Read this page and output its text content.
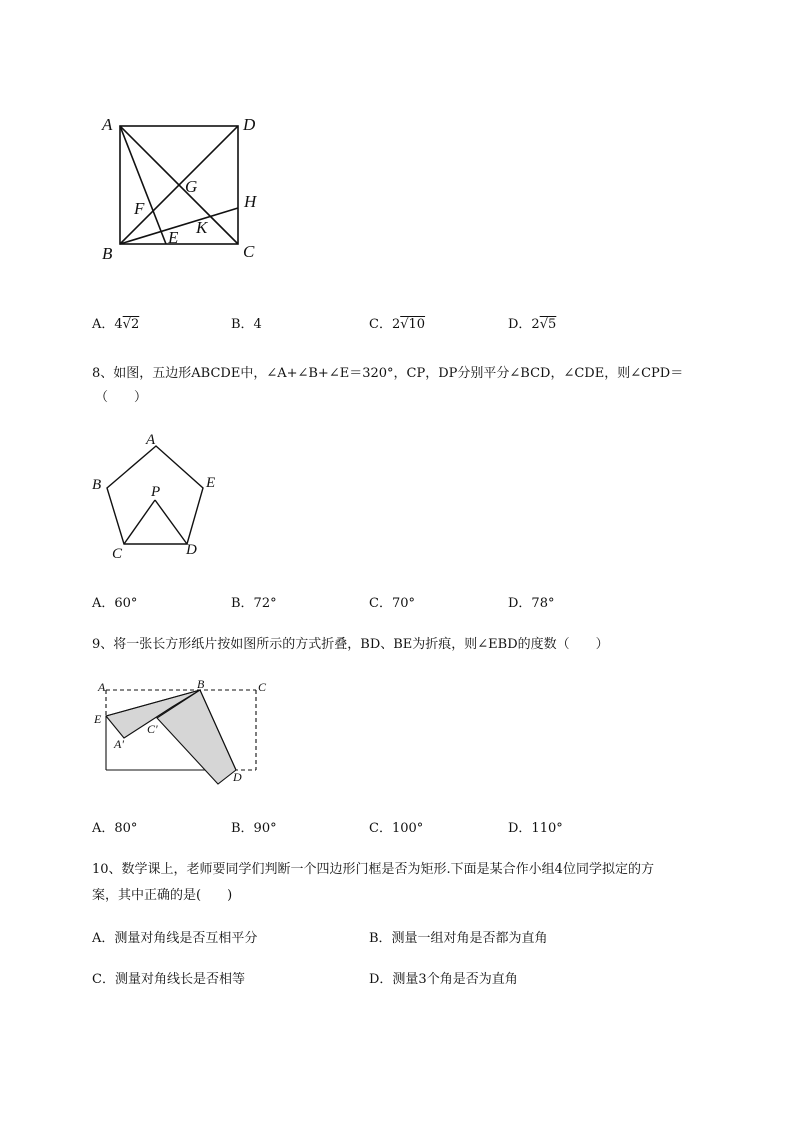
A	D
B	C
H
G
F
E
K
A．4√2	B．4	C．2√10	D．2√5
8、如图，五边形ABCDE中，∠A+∠B+∠E＝320°，CP，DP分别平分∠BCD，∠CDE，则∠CPD＝
（　　）
A
B	E
P
C	D
A．60°	B．72°	C．70°	D．78°
9、将一张长方形纸片按如图所示的方式折叠，BD、BE为折痕，则∠EBD的度数（　　）
A	B	C
E
A'
C'
D
A．80°	B．90°	C．100°	D．110°
10、数学课上，老师要同学们判断一个四边形门框是否为矩形.下面是某合作小组4位同学拟定的方
案，其中正确的是(　　)
A．测量对角线是否互相平分	B．测量一组对角是否都为直角
C．测量对角线长是否相等	D．测量3个角是否为直角
